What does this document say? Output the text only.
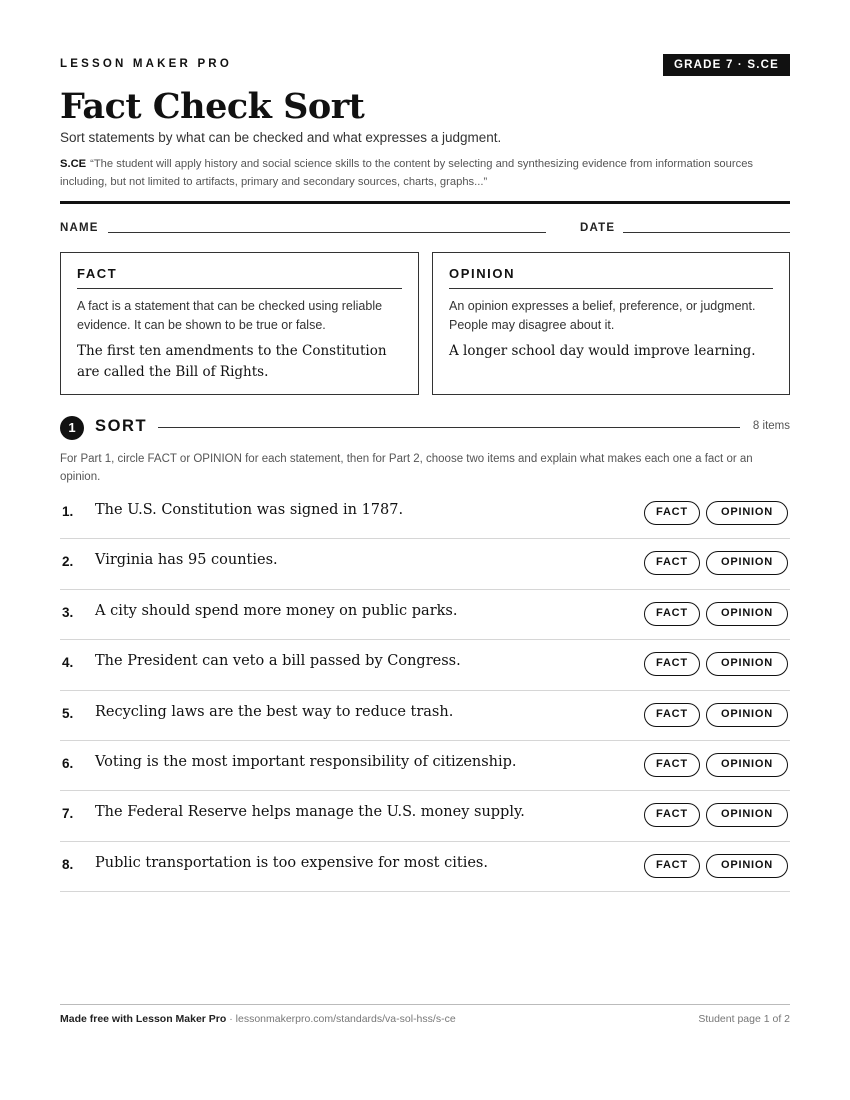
LESSON MAKER PRO	GRADE 7 · S.CE
Fact Check Sort
Sort statements by what can be checked and what expresses a judgment.
S.CE “The student will apply history and social science skills to the content by selecting and synthesizing evidence from information sources including, but not limited to artifacts, primary and secondary sources, charts, graphs...”
NAME	DATE
FACT
A fact is a statement that can be checked using reliable evidence. It can be shown to be true or false.
The first ten amendments to the Constitution are called the Bill of Rights.
OPINION
An opinion expresses a belief, preference, or judgment. People may disagree about it.
A longer school day would improve learning.
1	SORT	8 items
For Part 1, circle FACT or OPINION for each statement, then for Part 2, choose two items and explain what makes each one a fact or an opinion.
1. The U.S. Constitution was signed in 1787.	FACT	OPINION
2. Virginia has 95 counties.	FACT	OPINION
3. A city should spend more money on public parks.	FACT	OPINION
4. The President can veto a bill passed by Congress.	FACT	OPINION
5. Recycling laws are the best way to reduce trash.	FACT	OPINION
6. Voting is the most important responsibility of citizenship.	FACT	OPINION
7. The Federal Reserve helps manage the U.S. money supply.	FACT	OPINION
8. Public transportation is too expensive for most cities.	FACT	OPINION
Made free with Lesson Maker Pro · lessonmakerpro.com/standards/va-sol-hss/s-ce	Student page 1 of 2
